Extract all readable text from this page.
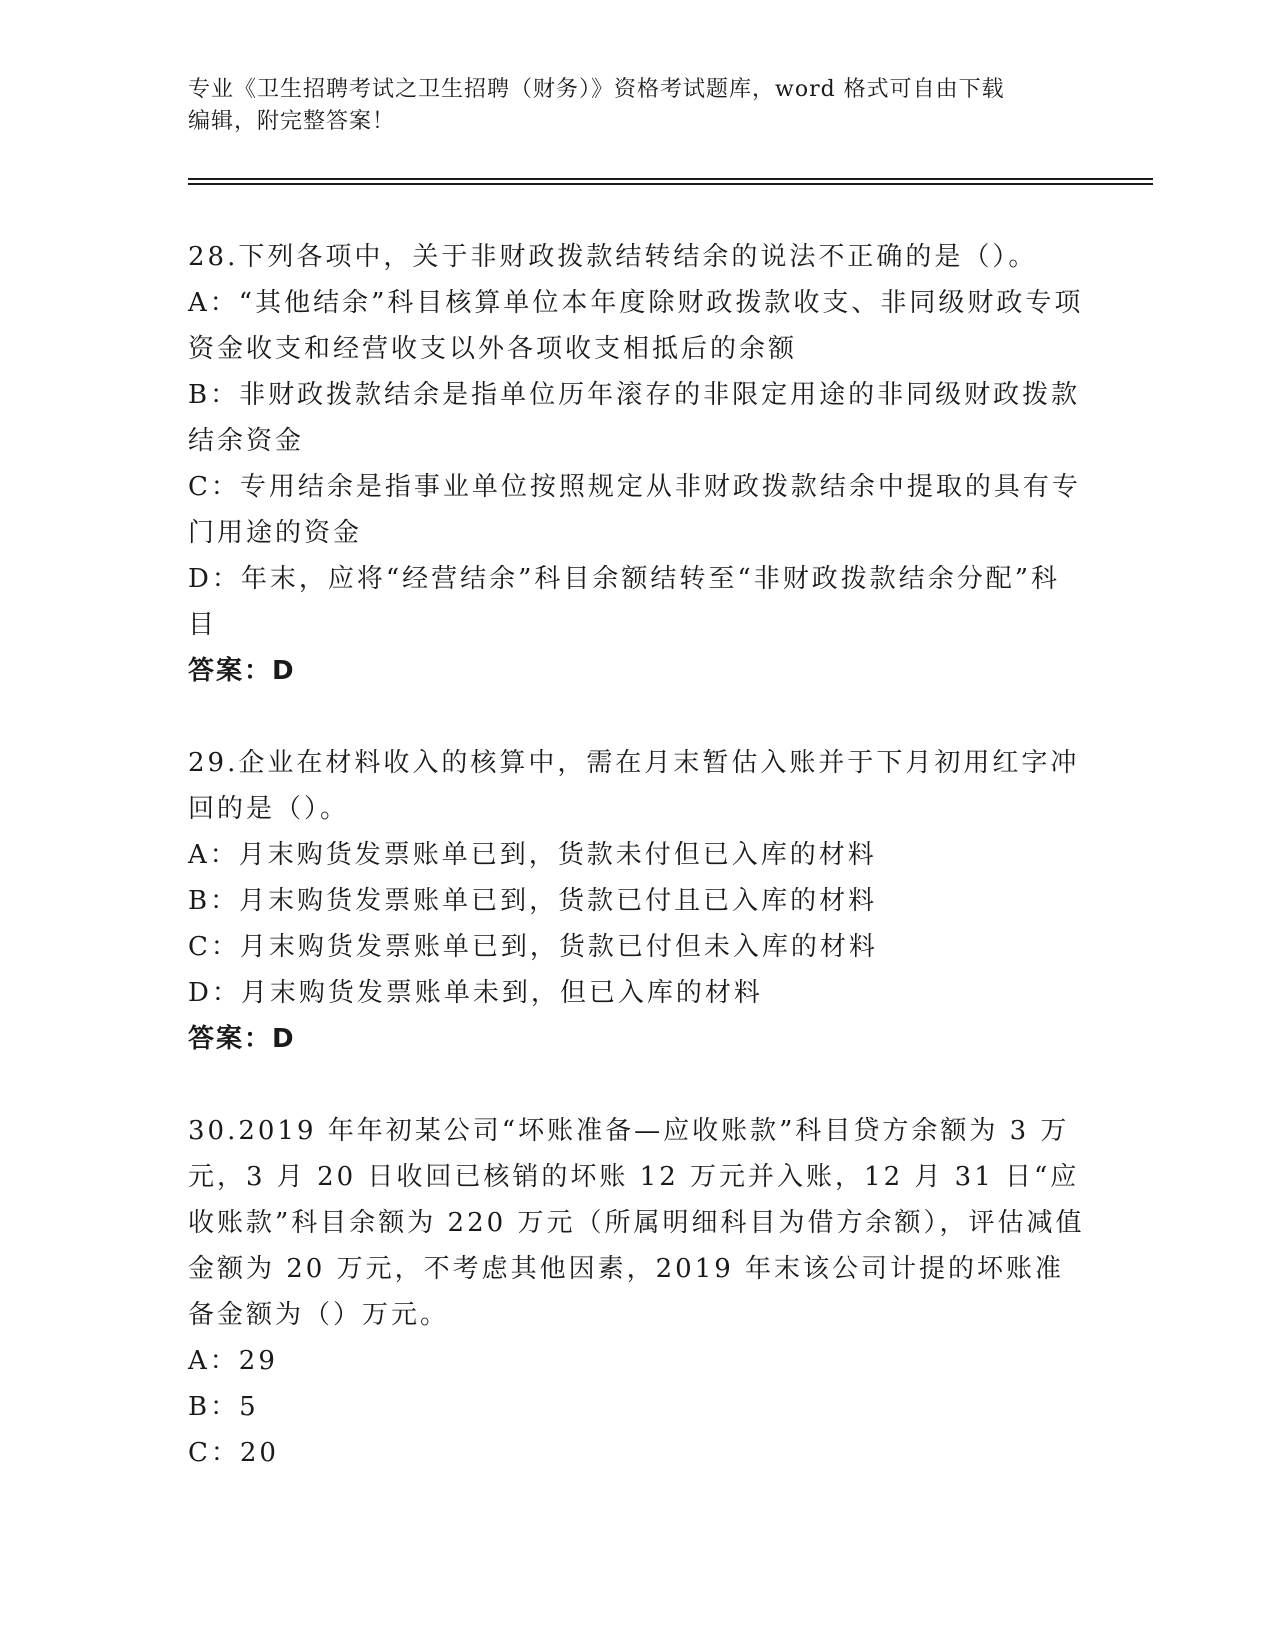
专业《卫生招聘考试之卫生招聘（财务）》资格考试题库，word 格式可自由下载
编辑，附完整答案！

28.下列各项中，关于非财政拨款结转结余的说法不正确的是（）。

A：“其他结余”科目核算单位本年度除财政拨款收支、非同级财政专项资金收支和经营收支以外各项收支相抵后的余额

B：非财政拨款结余是指单位历年滚存的非限定用途的非同级财政拨款结余资金

C：专用结余是指事业单位按照规定从非财政拨款结余中提取的具有专门用途的资金

D：年末，应将“经营结余”科目余额结转至“非财政拨款结余分配”科目

答案：D

29.企业在材料收入的核算中，需在月末暂估入账并于下月初用红字冲回的是（）。

A：月末购货发票账单已到，货款未付但已入库的材料

B：月末购货发票账单已到，货款已付且已入库的材料

C：月末购货发票账单已到，货款已付但未入库的材料

D：月末购货发票账单未到，但已入库的材料

答案：D

30.2019 年年初某公司“坏账准备—应收账款”科目贷方余额为 3 万元，3 月 20 日收回已核销的坏账 12 万元并入账，12 月 31 日“应收账款”科目余额为 220 万元（所属明细科目为借方余额），评估减值金额为 20 万元，不考虑其他因素，2019 年末该公司计提的坏账准备金额为（）万元。

A：29

B：5

C：20
